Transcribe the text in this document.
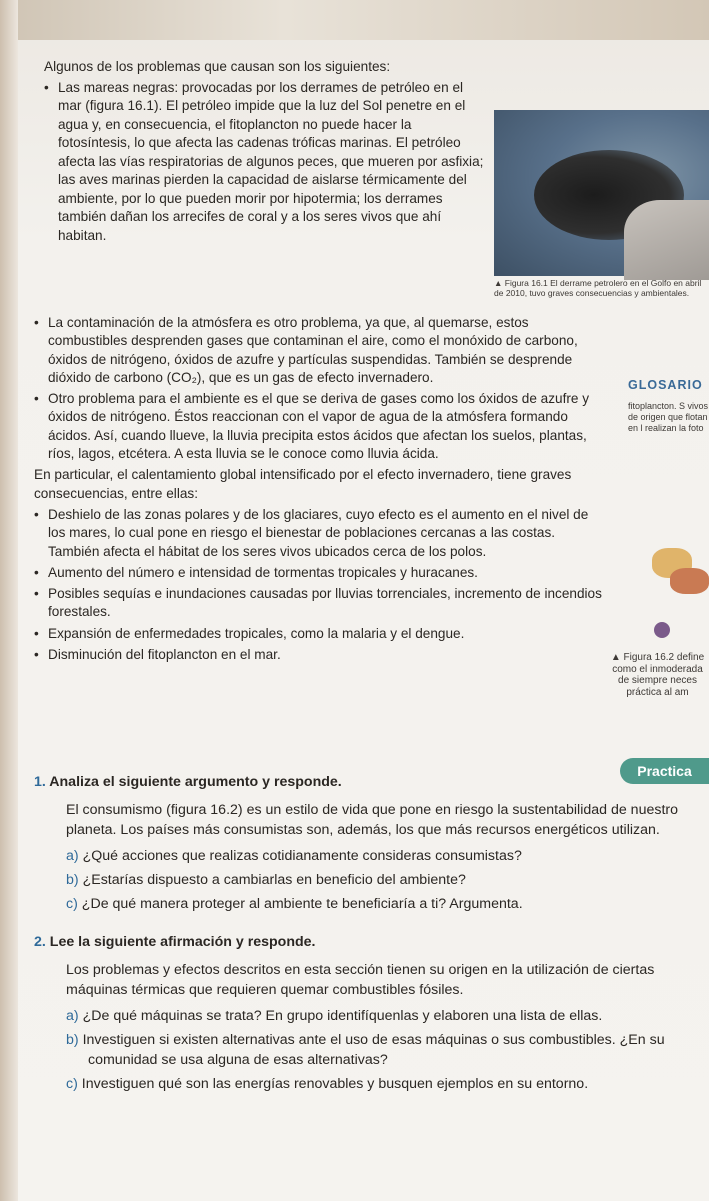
Algunos de los problemas que causan son los siguientes:

• Las mareas negras: provocadas por los derrames de petróleo en el mar (figura 16.1). El petróleo impide que la luz del Sol penetre en el agua y, en consecuencia, el fitoplancton no puede hacer la fotosíntesis, lo que afecta las cadenas tróficas marinas. El petróleo afecta las vías respiratorias de algunos peces, que mueren por asfixia; las aves marinas pierden la capacidad de aislarse térmicamente del ambiente, por lo que pueden morir por hipotermia; los derrames también dañan los arrecifes de coral y a los seres vivos que ahí habitan.

▲ Figura 16.1 El derrame petrolero en el Golfo en abril de 2010, tuvo graves consecuencias y ambientales.

• La contaminación de la atmósfera es otro problema, ya que, al quemarse, estos combustibles desprenden gases que contaminan el aire, como el monóxido de carbono, óxidos de nitrógeno, óxidos de azufre y partículas suspendidas. También se desprende dióxido de carbono (CO₂), que es un gas de efecto invernadero.

• Otro problema para el ambiente es el que se deriva de gases como los óxidos de azufre y óxidos de nitrógeno. Éstos reaccionan con el vapor de agua de la atmósfera formando ácidos. Así, cuando llueve, la lluvia precipita estos ácidos que afectan los suelos, plantas, ríos, lagos, etcétera. A esta lluvia se le conoce como lluvia ácida.

En particular, el calentamiento global intensificado por el efecto invernadero, tiene graves consecuencias, entre ellas:

• Deshielo de las zonas polares y de los glaciares, cuyo efecto es el aumento en el nivel de los mares, lo cual pone en riesgo el bienestar de poblaciones cercanas a las costas. También afecta el hábitat de los seres vivos ubicados cerca de los polos.

• Aumento del número e intensidad de tormentas tropicales y huracanes.

• Posibles sequías e inundaciones causadas por lluvias torrenciales, incremento de incendios forestales.

• Expansión de enfermedades tropicales, como la malaria y el dengue.

• Disminución del fitoplancton en el mar.

GLOSARIO
fitoplancton. S vivos de origen que flotan en l realizan la foto

▲ Figura 16.2 define como el inmoderada de siempre neces práctica al am

Practica

1. Analiza el siguiente argumento y responde.

El consumismo (figura 16.2) es un estilo de vida que pone en riesgo la sustentabilidad de nuestro planeta. Los países más consumistas son, además, los que más recursos energéticos utilizan.

a) ¿Qué acciones que realizas cotidianamente consideras consumistas?

b) ¿Estarías dispuesto a cambiarlas en beneficio del ambiente?

c) ¿De qué manera proteger al ambiente te beneficiaría a ti? Argumenta.

2. Lee la siguiente afirmación y responde.

Los problemas y efectos descritos en esta sección tienen su origen en la utilización de ciertas máquinas térmicas que requieren quemar combustibles fósiles.

a) ¿De qué máquinas se trata? En grupo identifíquenlas y elaboren una lista de ellas.

b) Investiguen si existen alternativas ante el uso de esas máquinas o sus combustibles. ¿En su comunidad se usa alguna de esas alternativas?

c) Investiguen qué son las energías renovables y busquen ejemplos en su entorno.
